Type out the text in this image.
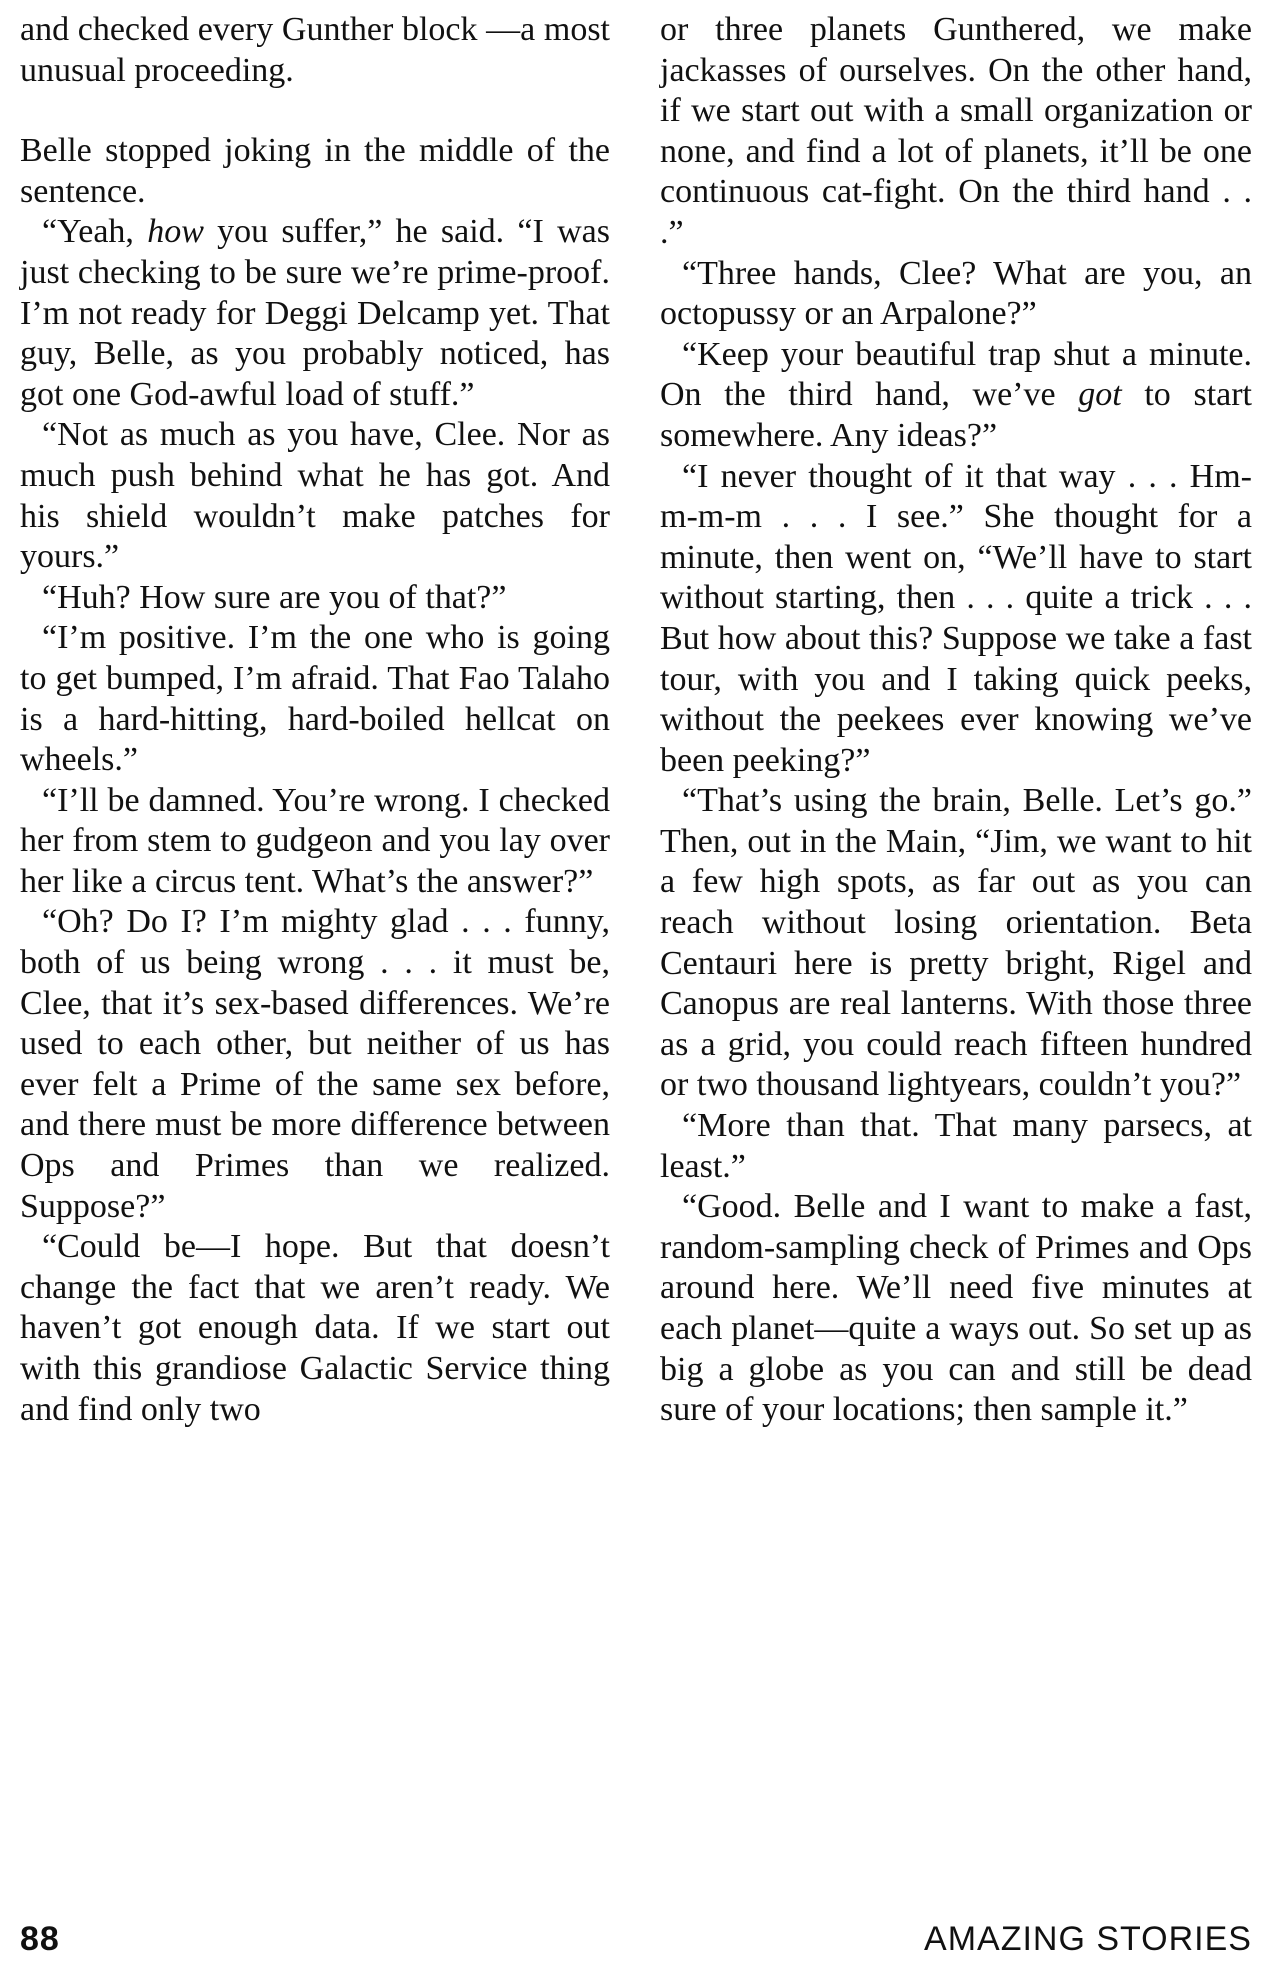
and checked every Gunther block —a most unusual proceeding.

Belle stopped joking in the middle of the sentence.

“Yeah, how you suffer,” he said. “I was just checking to be sure we’re prime-proof. I’m not ready for Deggi Delcamp yet. That guy, Belle, as you probably noticed, has got one God-awful load of stuff.”

“Not as much as you have, Clee. Nor as much push behind what he has got. And his shield wouldn’t make patches for yours.”

“Huh? How sure are you of that?”

“I’m positive. I’m the one who is going to get bumped, I’m afraid. That Fao Talaho is a hard-hitting, hard-boiled hellcat on wheels.”

“I’ll be damned. You’re wrong. I checked her from stem to gudgeon and you lay over her like a circus tent. What’s the answer?”

“Oh? Do I? I’m mighty glad . . . funny, both of us being wrong . . . it must be, Clee, that it’s sex-based differences. We’re used to each other, but neither of us has ever felt a Prime of the same sex before, and there must be more difference between Ops and Primes than we realized. Suppose?”

“Could be—I hope. But that doesn’t change the fact that we aren’t ready. We haven’t got enough data. If we start out with this grandiose Galactic Service thing and find only two

or three planets Gunthered, we make jackasses of ourselves. On the other hand, if we start out with a small organization or none, and find a lot of planets, it’ll be one continuous cat-fight. On the third hand . . .”

“Three hands, Clee? What are you, an octopussy or an Arpalone?”

“Keep your beautiful trap shut a minute. On the third hand, we’ve got to start somewhere. Any ideas?”

“I never thought of it that way . . . Hm-m-m-m . . . I see.” She thought for a minute, then went on, “We’ll have to start without starting, then . . . quite a trick . . . But how about this? Suppose we take a fast tour, with you and I taking quick peeks, without the peekees ever knowing we’ve been peeking?”

“That’s using the brain, Belle. Let’s go.” Then, out in the Main, “Jim, we want to hit a few high spots, as far out as you can reach without losing orientation. Beta Centauri here is pretty bright, Rigel and Canopus are real lanterns. With those three as a grid, you could reach fifteen hundred or two thousand lightyears, couldn’t you?”

“More than that. That many parsecs, at least.”

“Good. Belle and I want to make a fast, random-sampling check of Primes and Ops around here. We’ll need five minutes at each planet—quite a ways out. So set up as big a globe as you can and still be dead sure of your locations; then sample it.”

88	AMAZING STORIES
